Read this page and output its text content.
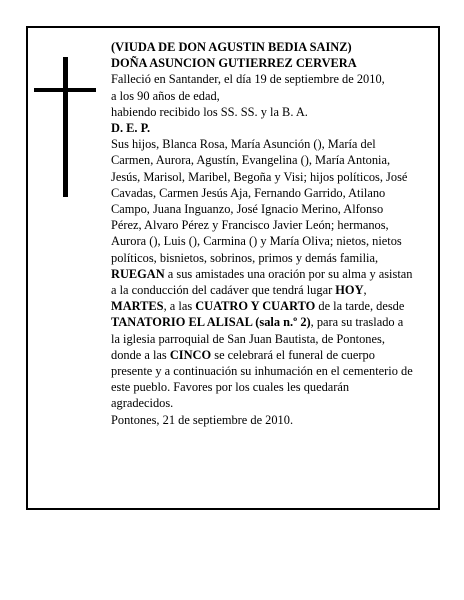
(VIUDA DE DON AGUSTIN BEDIA SAINZ)
DOÑA ASUNCION GUTIERREZ CERVERA
Falleció en Santander, el día 19 de septiembre de 2010,
a los 90 años de edad,
habiendo recibido los SS. SS. y la B. A.
D. E. P.
Sus hijos, Blanca Rosa, María Asunción (), María del Carmen, Aurora, Agustín, Evangelina (), María Antonia, Jesús, Marisol, Maribel, Begoña y Visi; hijos políticos, José Cavadas, Carmen Jesús Aja, Fernando Garrido, Atilano Campo, Juana Inguanzo, José Ignacio Merino, Alfonso Pérez, Alvaro Pérez y Francisco Javier León; hermanos, Aurora (), Luis (), Carmina () y María Oliva; nietos, nietos políticos, bisnietos, sobrinos, primos y demás familia,
RUEGAN a sus amistades una oración por su alma y asistan a la conducción del cadáver que tendrá lugar HOY, MARTES, a las CUATRO Y CUARTO de la tarde, desde TANATORIO EL ALISAL (sala n.º 2), para su traslado a la iglesia parroquial de San Juan Bautista, de Pontones, donde a las CINCO se celebrará el funeral de cuerpo presente y a continuación su inhumación en el cementerio de este pueblo. Favores por los cuales les quedarán agradecidos.
Pontones, 21 de septiembre de 2010.
